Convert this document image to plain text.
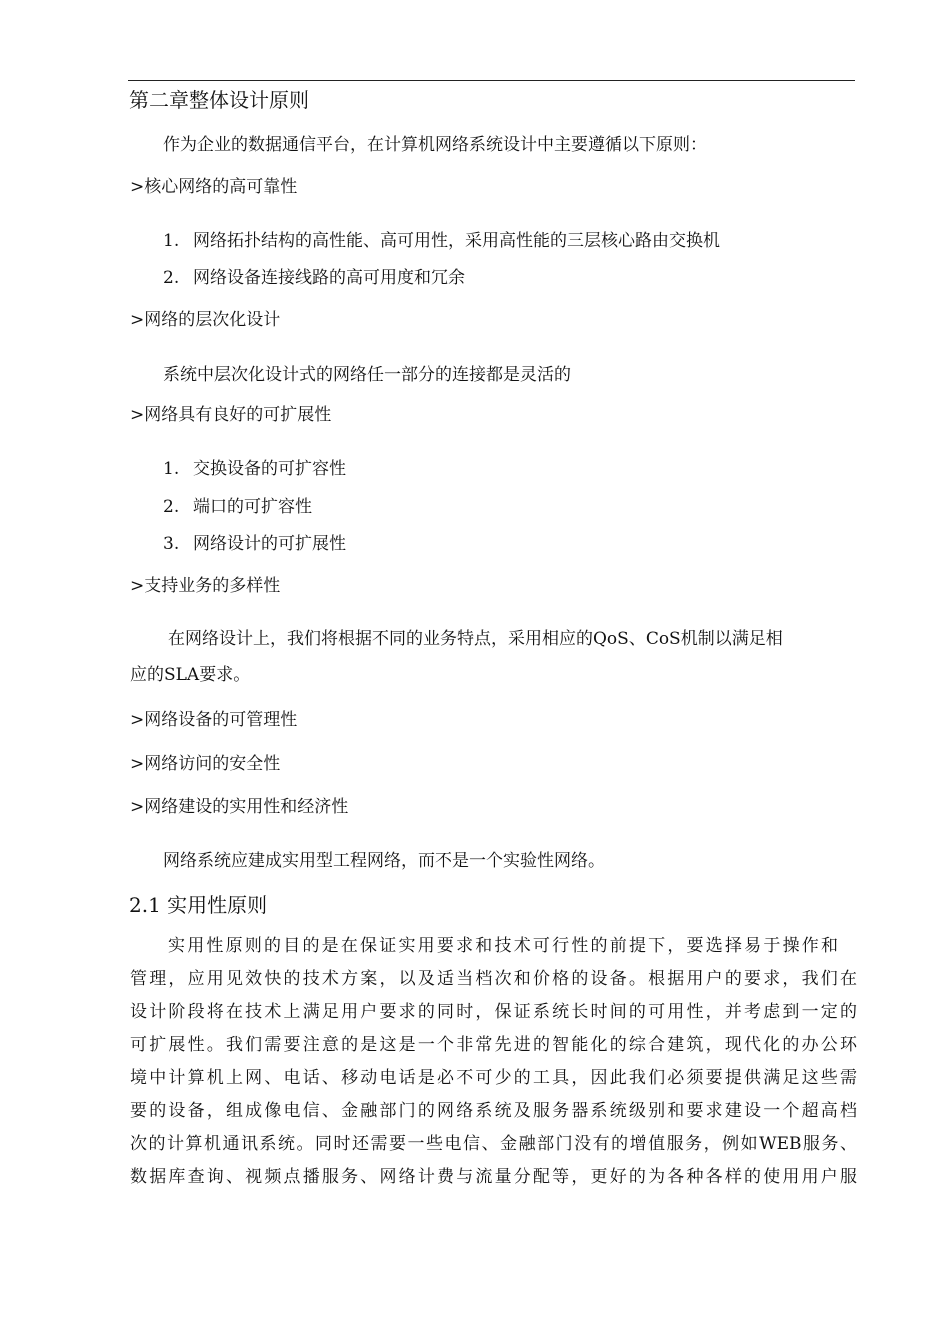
第二章整体设计原则
作为企业的数据通信平台，在计算机网络系统设计中主要遵循以下原则：
>核心网络的高可靠性
1. 网络拓扑结构的高性能、高可用性，采用高性能的三层核心路由交换机
2. 网络设备连接线路的高可用度和冗余
>网络的层次化设计
系统中层次化设计式的网络任一部分的连接都是灵活的
>网络具有良好的可扩展性
1. 交换设备的可扩容性
2. 端口的可扩容性
3. 网络设计的可扩展性
>支持业务的多样性
在网络设计上，我们将根据不同的业务特点，采用相应的QoS、CoS机制以满足相
应的SLA要求。
>网络设备的可管理性
>网络访问的安全性
>网络建设的实用性和经济性
网络系统应建成实用型工程网络，而不是一个实验性网络。
2.1 实用性原则
实用性原则的目的是在保证实用要求和技术可行性的前提下，要选择易于操作和
管理，应用见效快的技术方案，以及适当档次和价格的设备。根据用户的要求，我们在
设计阶段将在技术上满足用户要求的同时，保证系统长时间的可用性，并考虑到一定的
可扩展性。我们需要注意的是这是一个非常先进的智能化的综合建筑，现代化的办公环
境中计算机上网、电话、移动电话是必不可少的工具，因此我们必须要提供满足这些需
要的设备，组成像电信、金融部门的网络系统及服务器系统级别和要求建设一个超高档
次的计算机通讯系统。同时还需要一些电信、金融部门没有的增值服务，例如WEB服务、
数据库查询、视频点播服务、网络计费与流量分配等，更好的为各种各样的使用用户服
